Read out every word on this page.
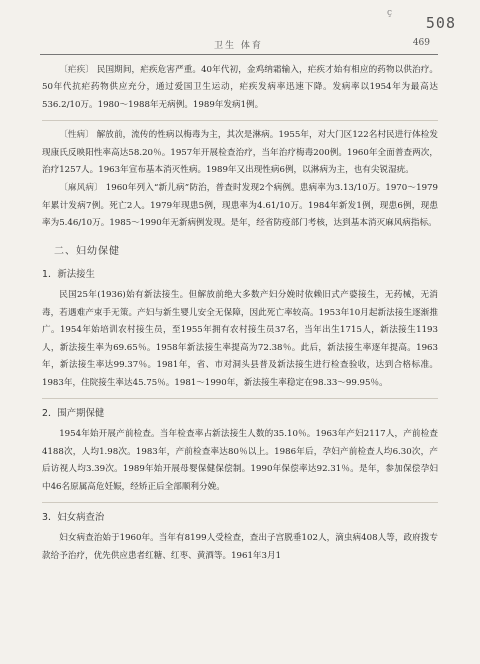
ç
508
卫生 体育	469

〔疟疾〕 民国期间，疟疾危害严重。40年代初，金鸡纳霜输入，疟疾才始有相应的药物以供治疗。50年代抗疟药物供应充分，通过爱国卫生运动，疟疾发病率迅速下降。发病率以1954年为最高达536.2/10万。1980～1988年无病例。1989年发病1例。

〔性病〕 解放前，流传的性病以梅毒为主，其次是淋病。1955年，对大门区122名村民进行体检发现康氏反映阳性率高达58.20％。1957年开展检查治疗，当年治疗梅毒200例。1960年全面普查两次，治疗1257人。1963年宣布基本消灭性病。1989年又出现性病6例，以淋病为主，也有尖锐湿疣。

〔麻风病〕 1960年列入“新儿病”防治，普查时发现2个病例。患病率为3.13/10万。1970～1979年累计发病7例。死亡2人。1979年现患5例，现患率为4.61/10万。1984年新发1例，现患6例，现患率为5.46/10万。1985～1990年无新病例发现。是年，经省防疫部门考核，达到基本消灭麻风病指标。

二、妇幼保健
1．新法接生

民国25年(1936)始有新法接生。但解放前绝大多数产妇分娩时依赖旧式产婆接生，无药械，无消毒，若遇难产束手无策。产妇与新生婴儿安全无保障，因此死亡率较高。1953年10月起新法接生逐渐推广。1954年始培训农村接生员，至1955年拥有农村接生员37名，当年出生1715人，新法接生1193人，新法接生率为69.65％。1958年新法接生率提高为72.38％。此后，新法接生率逐年提高。1963年，新法接生率达99.37％。1981年，省、市对洞头县普及新法接生进行检查验收，达到合格标准。1983年，住院接生率达45.75％。1981～1990年，新法接生率稳定在98.33～99.95％。

2．围产期保健

1954年始开展产前检查。当年检查率占新法接生人数的35.10％。1963年产妇2117人，产前检查4188次，人均1.98次。1983年，产前检查率达80％以上。1986年后，孕妇产前检查人均6.30次，产后访视人均3.39次。1989年始开展母婴保健保偿制。1990年保偿率达92.31％。是年，参加保偿孕妇中46名原属高危妊娠，经矫正后全部顺利分娩。

3．妇女病查治

妇女病查治始于1960年。当年有8199人受检查，查出子宫脱垂102人，滴虫病408人等，政府拨专款给予治疗，优先供应患者红糖、红枣、黄酒等。1961年3月1
